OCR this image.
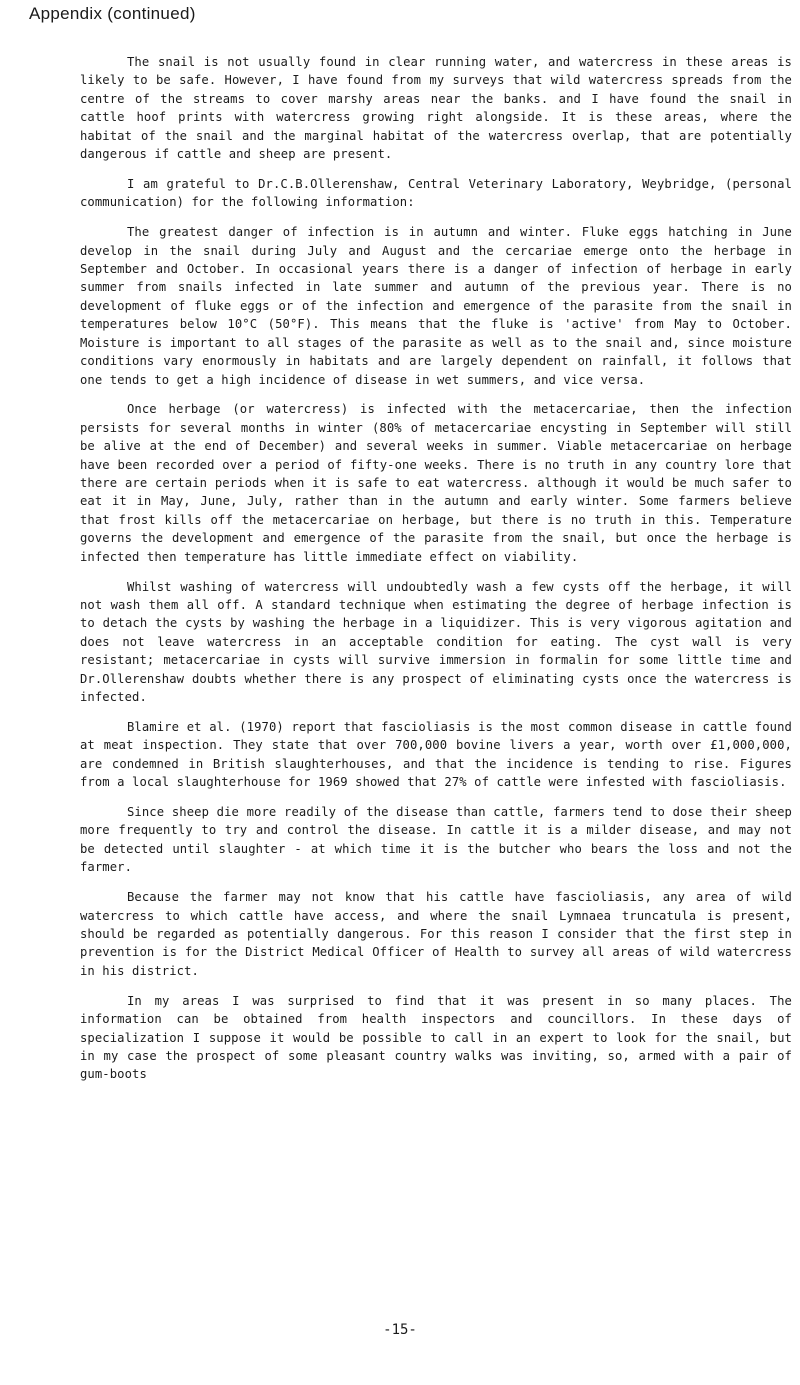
Appendix (continued)

The snail is not usually found in clear running water, and watercress in these areas is likely to be safe. However, I have found from my surveys that wild watercress spreads from the centre of the streams to cover marshy areas near the banks. and I have found the snail in cattle hoof prints with watercress growing right alongside. It is these areas, where the habitat of the snail and the marginal habitat of the watercress overlap, that are potentially dangerous if cattle and sheep are present.

I am grateful to Dr.C.B.Ollerenshaw, Central Veterinary Laboratory, Weybridge, (personal communication) for the following information:

The greatest danger of infection is in autumn and winter. Fluke eggs hatching in June develop in the snail during July and August and the cercariae emerge onto the herbage in September and October. In occasional years there is a danger of infection of herbage in early summer from snails infected in late summer and autumn of the previous year. There is no development of fluke eggs or of the infection and emergence of the parasite from the snail in temperatures below 10°C (50°F). This means that the fluke is 'active' from May to October. Moisture is important to all stages of the parasite as well as to the snail and, since moisture conditions vary enormously in habitats and are largely dependent on rainfall, it follows that one tends to get a high incidence of disease in wet summers, and vice versa.

Once herbage (or watercress) is infected with the metacercariae, then the infection persists for several months in winter (80% of metacercariae encysting in September will still be alive at the end of December) and several weeks in summer. Viable metacercariae on herbage have been recorded over a period of fifty-one weeks. There is no truth in any country lore that there are certain periods when it is safe to eat watercress. although it would be much safer to eat it in May, June, July, rather than in the autumn and early winter. Some farmers believe that frost kills off the metacercariae on herbage, but there is no truth in this. Temperature governs the development and emergence of the parasite from the snail, but once the herbage is infected then temperature has little immediate effect on viability.

Whilst washing of watercress will undoubtedly wash a few cysts off the herbage, it will not wash them all off. A standard technique when estimating the degree of herbage infection is to detach the cysts by washing the herbage in a liquidizer. This is very vigorous agitation and does not leave watercress in an acceptable condition for eating. The cyst wall is very resistant; metacercariae in cysts will survive immersion in formalin for some little time and Dr.Ollerenshaw doubts whether there is any prospect of eliminating cysts once the watercress is infected.

Blamire et al. (1970) report that fascioliasis is the most common disease in cattle found at meat inspection. They state that over 700,000 bovine livers a year, worth over £1,000,000, are condemned in British slaughterhouses, and that the incidence is tending to rise. Figures from a local slaughterhouse for 1969 showed that 27% of cattle were infested with fascioliasis.

Since sheep die more readily of the disease than cattle, farmers tend to dose their sheep more frequently to try and control the disease. In cattle it is a milder disease, and may not be detected until slaughter - at which time it is the butcher who bears the loss and not the farmer.

Because the farmer may not know that his cattle have fascioliasis, any area of wild watercress to which cattle have access, and where the snail Lymnaea truncatula is present, should be regarded as potentially dangerous. For this reason I consider that the first step in prevention is for the District Medical Officer of Health to survey all areas of wild watercress in his district.

In my areas I was surprised to find that it was present in so many places. The information can be obtained from health inspectors and councillors. In these days of specialization I suppose it would be possible to call in an expert to look for the snail, but in my case the prospect of some pleasant country walks was inviting, so, armed with a pair of gum-boots

-15-
